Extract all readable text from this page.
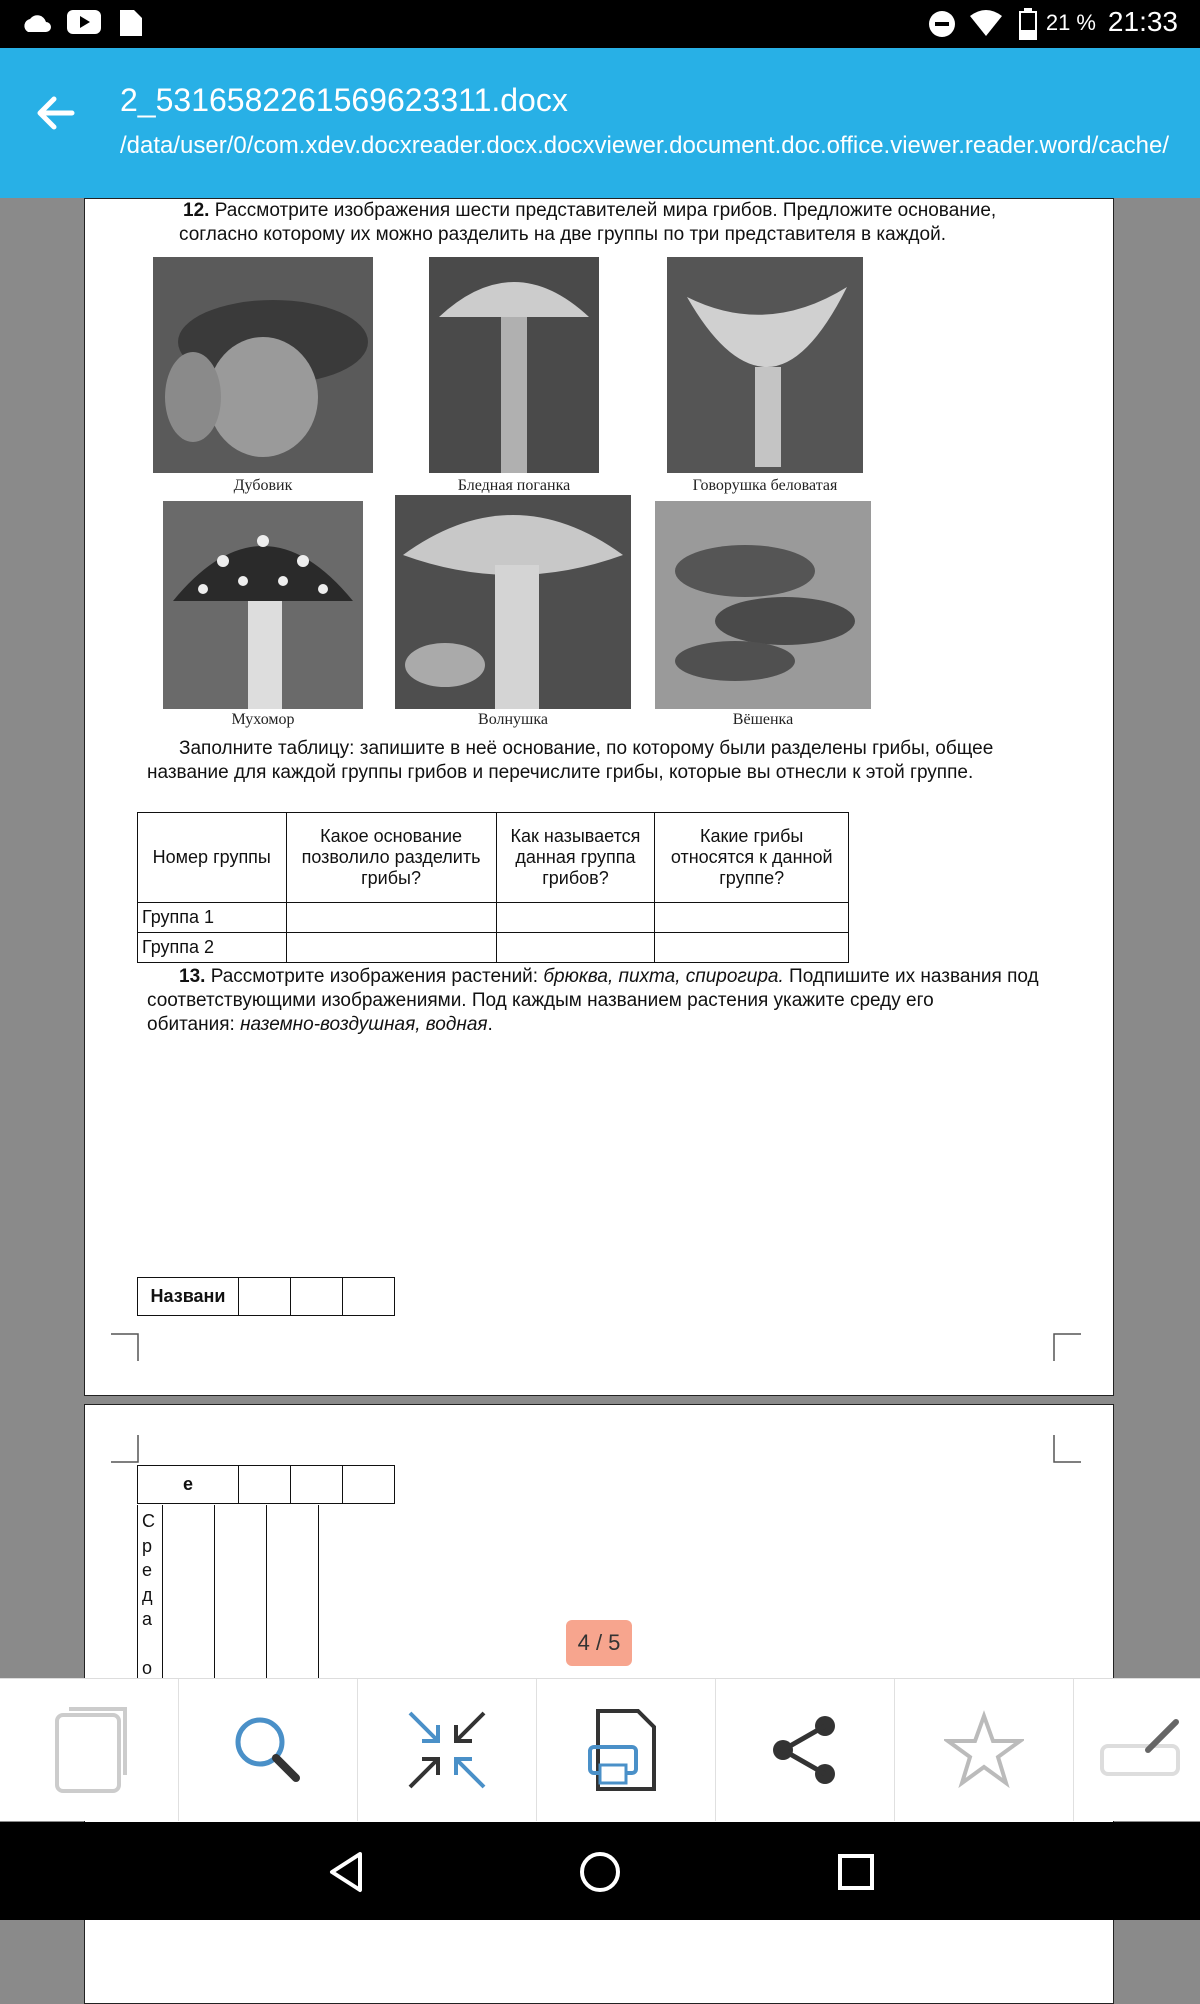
21 % 21:33
2_5316582261569623311.docx
/data/user/0/com.xdev.docxreader.docx.docxviewer.document.doc.office.viewer.reader.word/cache/
12. Рассмотрите изображения шести представителей мира грибов. Предложите основание,
согласно которому их можно разделить на две группы по три представителя в каждой.
Дубовик	Бледная поганка	Говорушка беловатая
Мухомор	Волнушка	Вёшенка
Заполните таблицу: запишите в неё основание, по которому были разделены грибы, общее
название для каждой группы грибов и перечислите грибы, которые вы отнесли к этой группе.
Номер группы	Какое основание позволило разделить грибы?	Как называется данная группа грибов?	Какие грибы относятся к данной группе?
Группа 1			
Группа 2			
13. Рассмотрите изображения растений: брюква, пихта, спирогира. Подпишите их названия под
соответствующими изображениями. Под каждым названием растения укажите среду его
обитания: наземно-воздушная, водная.
Названи			
е			
С
р
е
д
а
о
4 / 5
